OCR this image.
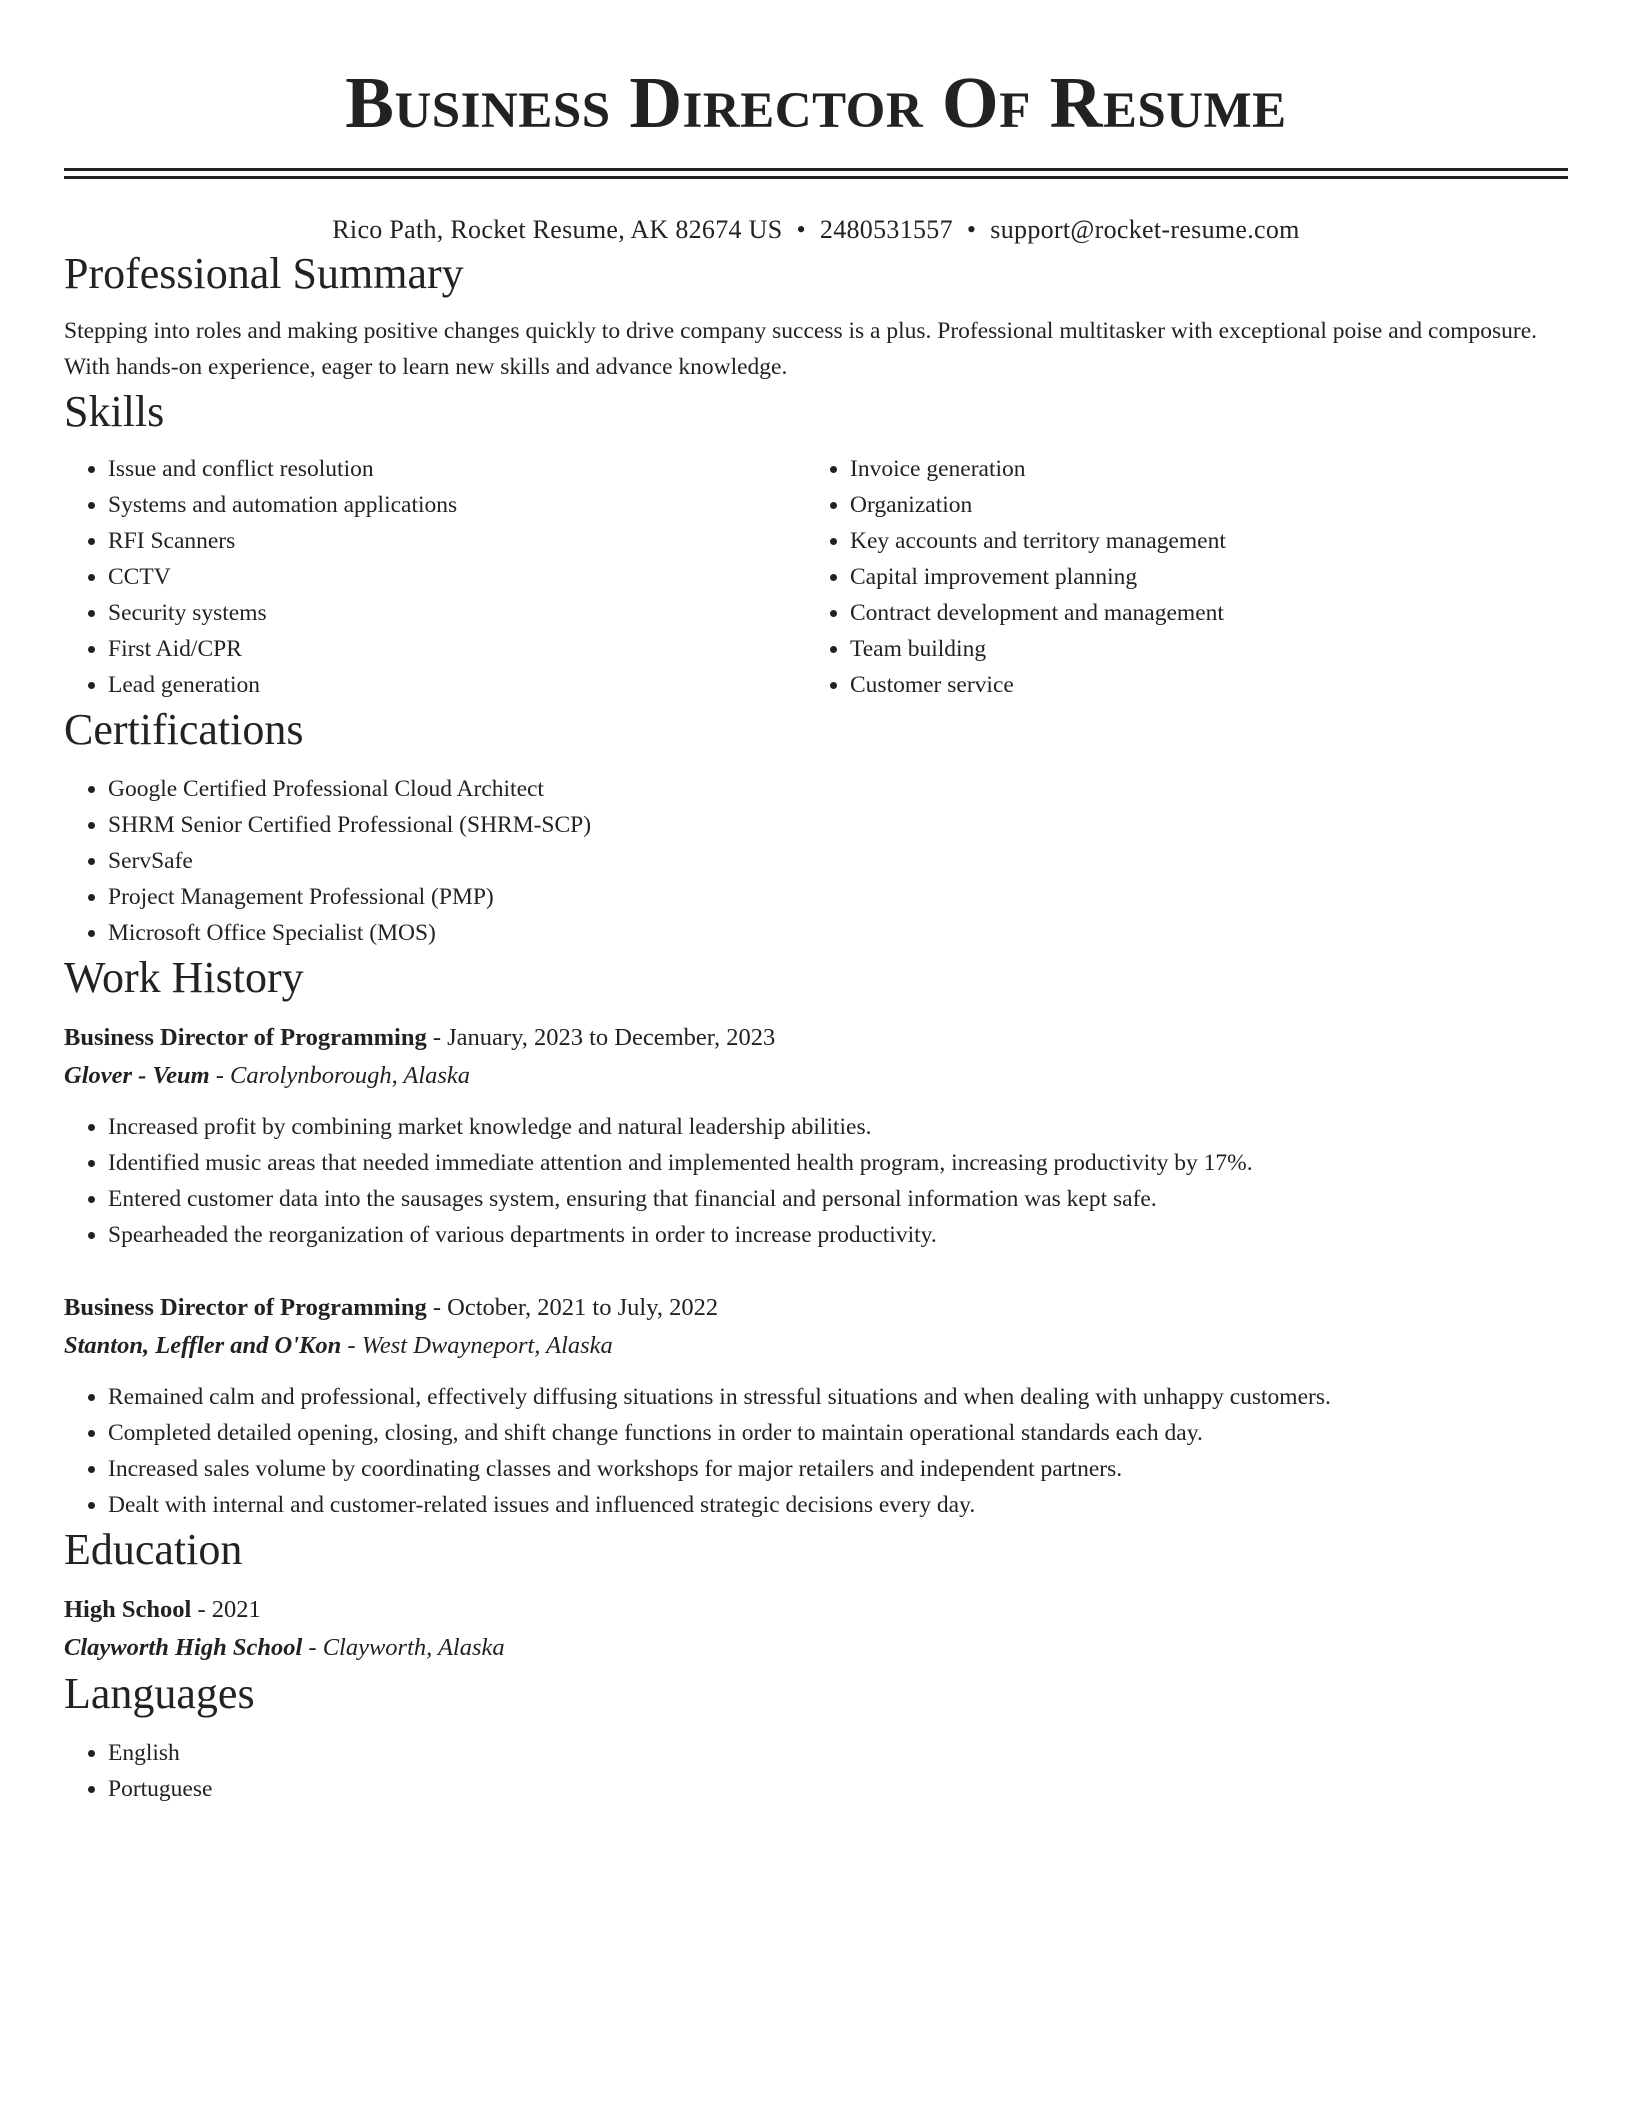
Business Director Of Resume
Rico Path, Rocket Resume, AK 82674 US • 2480531557 • support@rocket-resume.com
Professional Summary

Stepping into roles and making positive changes quickly to drive company success is a plus. Professional multitasker with exceptional poise and composure. With hands-on experience, eager to learn new skills and advance knowledge.

Skills
• Issue and conflict resolution
• Systems and automation applications
• RFI Scanners
• CCTV
• Security systems
• First Aid/CPR
• Lead generation
• Invoice generation
• Organization
• Key accounts and territory management
• Capital improvement planning
• Contract development and management
• Team building
• Customer service
Certifications
• Google Certified Professional Cloud Architect
• SHRM Senior Certified Professional (SHRM-SCP)
• ServSafe
• Project Management Professional (PMP)
• Microsoft Office Specialist (MOS)
Work History
Business Director of Programming - January, 2023 to December, 2023
Glover - Veum - Carolynborough, Alaska
• Increased profit by combining market knowledge and natural leadership abilities.
• Identified music areas that needed immediate attention and implemented health program, increasing productivity by 17%.
• Entered customer data into the sausages system, ensuring that financial and personal information was kept safe.
• Spearheaded the reorganization of various departments in order to increase productivity.
Business Director of Programming - October, 2021 to July, 2022
Stanton, Leffler and O'Kon - West Dwayneport, Alaska
• Remained calm and professional, effectively diffusing situations in stressful situations and when dealing with unhappy customers.
• Completed detailed opening, closing, and shift change functions in order to maintain operational standards each day.
• Increased sales volume by coordinating classes and workshops for major retailers and independent partners.
• Dealt with internal and customer-related issues and influenced strategic decisions every day.
Education
High School - 2021
Clayworth High School - Clayworth, Alaska
Languages
• English
• Portuguese
